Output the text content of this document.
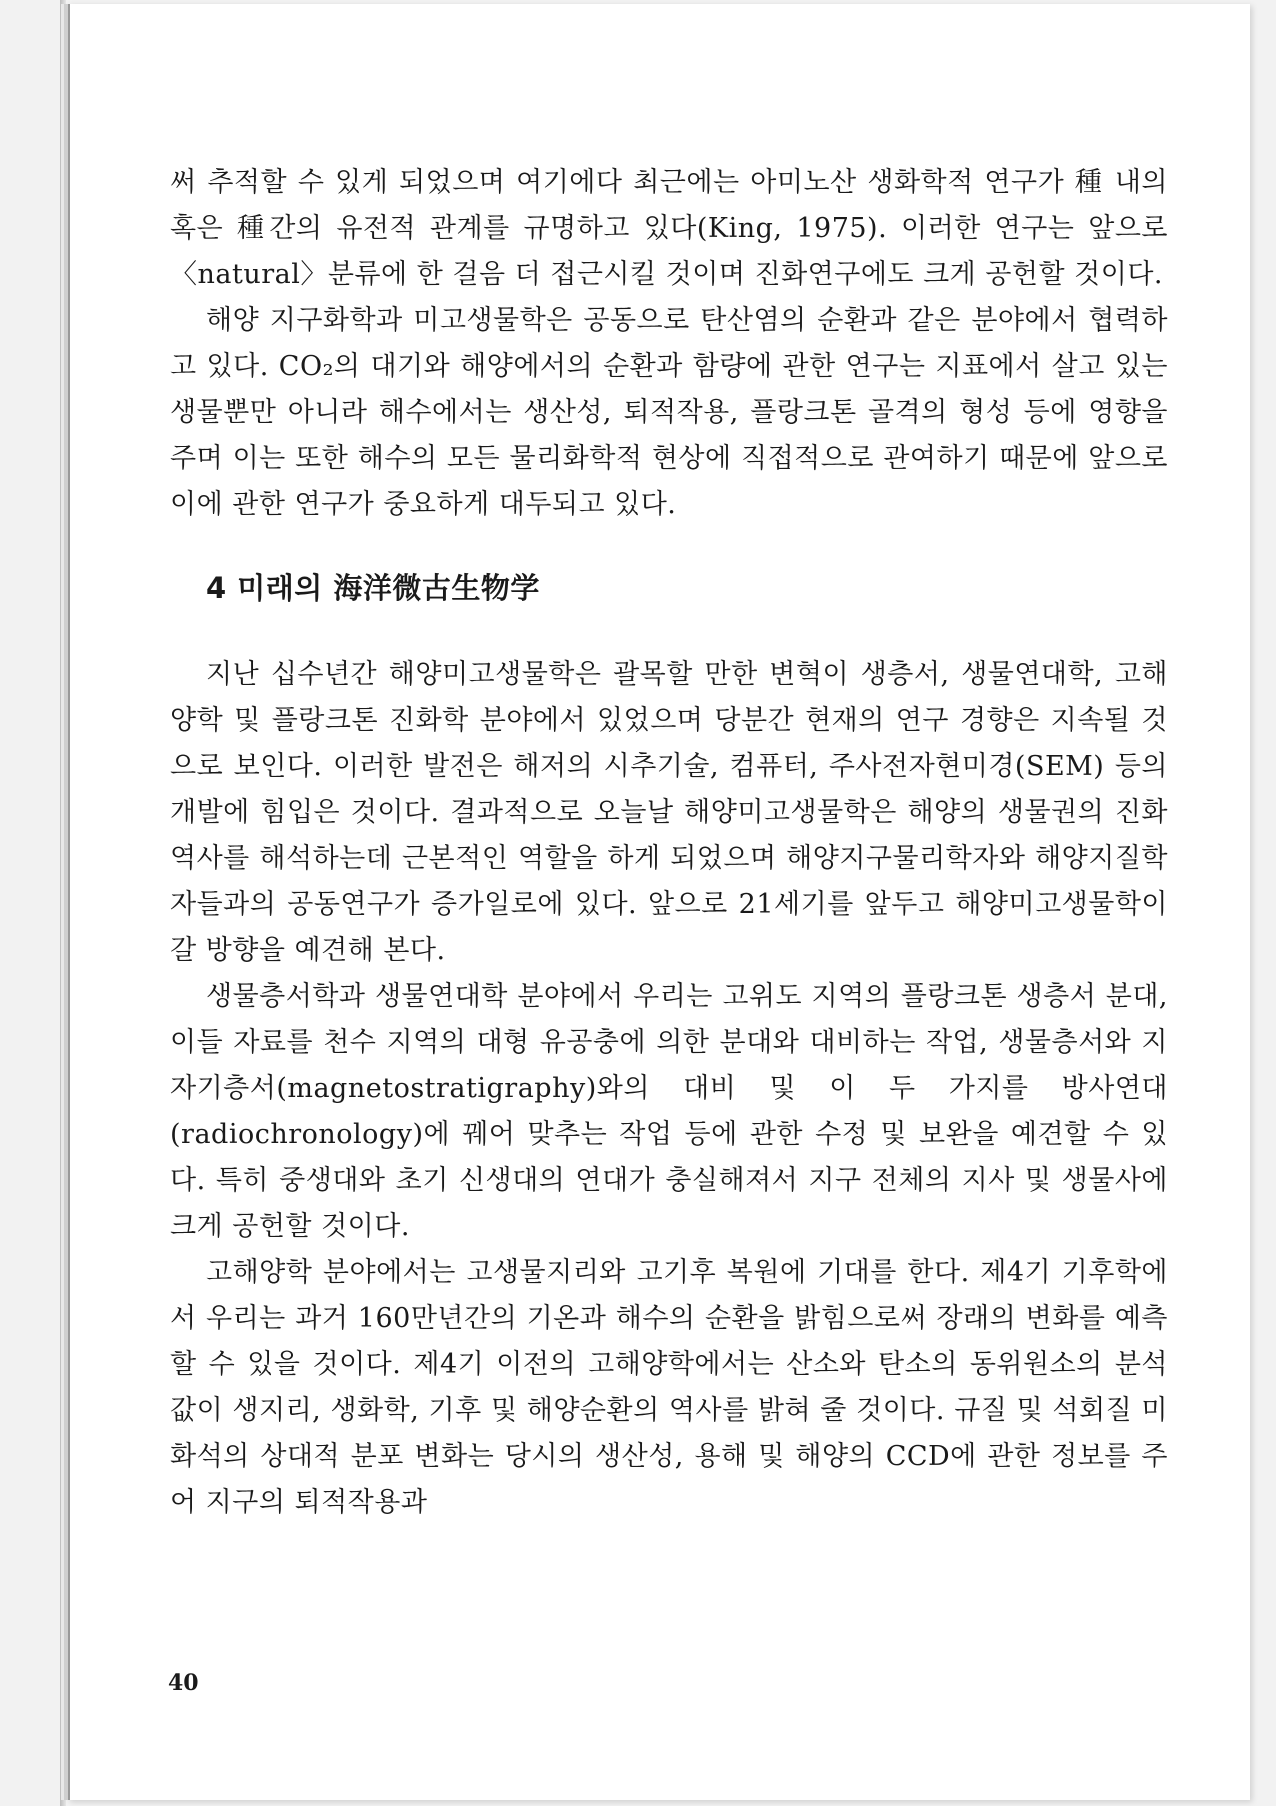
써 추적할 수 있게 되었으며 여기에다 최근에는 아미노산 생화학적 연구가 種 내의 혹은 種간의 유전적 관계를 규명하고 있다(King, 1975). 이러한 연구는 앞으로 〈natural〉분류에 한 걸음 더 접근시킬 것이며 진화연구에도 크게 공헌할 것이다.

해양 지구화학과 미고생물학은 공동으로 탄산염의 순환과 같은 분야에서 협력하고 있다. CO₂의 대기와 해양에서의 순환과 함량에 관한 연구는 지표에서 살고 있는 생물뿐만 아니라 해수에서는 생산성, 퇴적작용, 플랑크톤 골격의 형성 등에 영향을 주며 이는 또한 해수의 모든 물리화학적 현상에 직접적으로 관여하기 때문에 앞으로 이에 관한 연구가 중요하게 대두되고 있다.

4 미래의 海洋微古生物学

지난 십수년간 해양미고생물학은 괄목할 만한 변혁이 생층서, 생물연대학, 고해양학 및 플랑크톤 진화학 분야에서 있었으며 당분간 현재의 연구 경향은 지속될 것으로 보인다. 이러한 발전은 해저의 시추기술, 컴퓨터, 주사전자현미경(SEM) 등의 개발에 힘입은 것이다. 결과적으로 오늘날 해양미고생물학은 해양의 생물권의 진화역사를 해석하는데 근본적인 역할을 하게 되었으며 해양지구물리학자와 해양지질학자들과의 공동연구가 증가일로에 있다. 앞으로 21세기를 앞두고 해양미고생물학이 갈 방향을 예견해 본다.

생물층서학과 생물연대학 분야에서 우리는 고위도 지역의 플랑크톤 생층서 분대, 이들 자료를 천수 지역의 대형 유공충에 의한 분대와 대비하는 작업, 생물층서와 지자기층서(magnetostratigraphy)와의 대비 및 이 두 가지를 방사연대(radiochronology)에 꿰어 맞추는 작업 등에 관한 수정 및 보완을 예견할 수 있다. 특히 중생대와 초기 신생대의 연대가 충실해져서 지구 전체의 지사 및 생물사에 크게 공헌할 것이다.

고해양학 분야에서는 고생물지리와 고기후 복원에 기대를 한다. 제4기 기후학에서 우리는 과거 160만년간의 기온과 해수의 순환을 밝힘으로써 장래의 변화를 예측할 수 있을 것이다. 제4기 이전의 고해양학에서는 산소와 탄소의 동위원소의 분석 값이 생지리, 생화학, 기후 및 해양순환의 역사를 밝혀 줄 것이다. 규질 및 석회질 미화석의 상대적 분포 변화는 당시의 생산성, 용해 및 해양의 CCD에 관한 정보를 주어 지구의 퇴적작용과

40
